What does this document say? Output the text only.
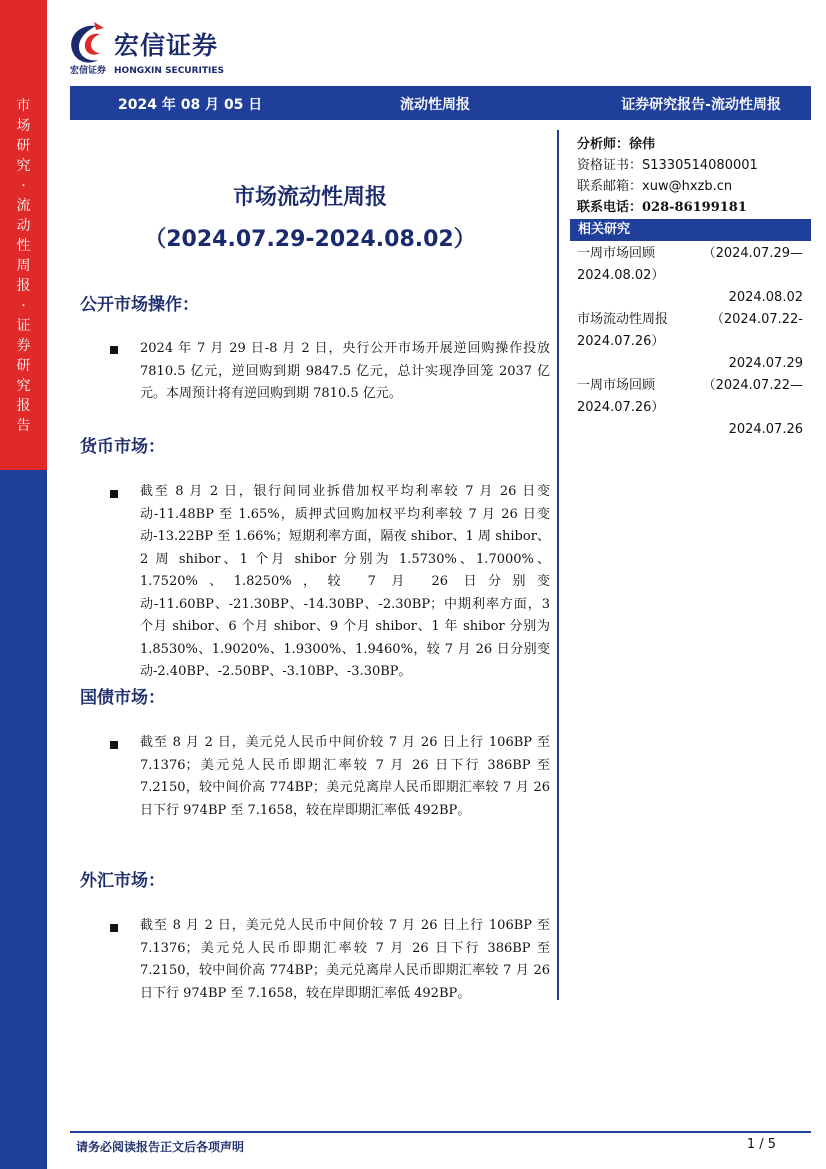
市
场
研
究
·
流
动
性
周
报
·
证
券
研
究
报
告
宏信证券
宏信证券 HONGXIN SECURITIES
2024 年 08 月 05 日	流动性周报	证券研究报告-流动性周报
市场流动性周报
（2024.07.29-2024.08.02）
公开市场操作：
2024 年 7 月 29 日-8 月 2 日，央行公开市场开展逆回购操作投放 7810.5 亿元，逆回购到期 9847.5 亿元，总计实现净回笼 2037 亿元。本周预计将有逆回购到期 7810.5 亿元。
货币市场：
截至 8 月 2 日，银行间同业拆借加权平均利率较 7 月 26 日变动-11.48BP 至 1.65%，质押式回购加权平均利率较 7 月 26 日变动-13.22BP 至 1.66%；短期利率方面，隔夜 shibor、1 周 shibor、2 周 shibor、1 个月 shibor 分别为 1.5730%、1.7000%、1.7520%、1.8250%，较 7 月 26 日分别变动-11.60BP、-21.30BP、-14.30BP、-2.30BP；中期利率方面，3 个月 shibor、6 个月 shibor、9 个月 shibor、1 年 shibor 分别为 1.8530%、1.9020%、1.9300%、1.9460%，较 7 月 26 日分别变动-2.40BP、-2.50BP、-3.10BP、-3.30BP。
国债市场：
截至 8 月 2 日，美元兑人民币中间价较 7 月 26 日上行 106BP 至 7.1376；美元兑人民币即期汇率较 7 月 26 日下行 386BP 至 7.2150，较中间价高 774BP；美元兑离岸人民币即期汇率较 7 月 26 日下行 974BP 至 7.1658，较在岸即期汇率低 492BP。
外汇市场：
截至 8 月 2 日，美元兑人民币中间价较 7 月 26 日上行 106BP 至 7.1376；美元兑人民币即期汇率较 7 月 26 日下行 386BP 至 7.2150，较中间价高 774BP；美元兑离岸人民币即期汇率较 7 月 26 日下行 974BP 至 7.1658，较在岸即期汇率低 492BP。
分析师：徐伟
资格证书：S1330514080001
联系邮箱：xuw@hxzb.cn
联系电话：028-86199181
相关研究
一周市场回顾	（2024.07.29—
2024.08.02）
2024.08.02
市场流动性周报	（2024.07.22-
2024.07.26）
2024.07.29
一周市场回顾	（2024.07.22—
2024.07.26）
2024.07.26
请务必阅读报告正文后各项声明	1 / 5
